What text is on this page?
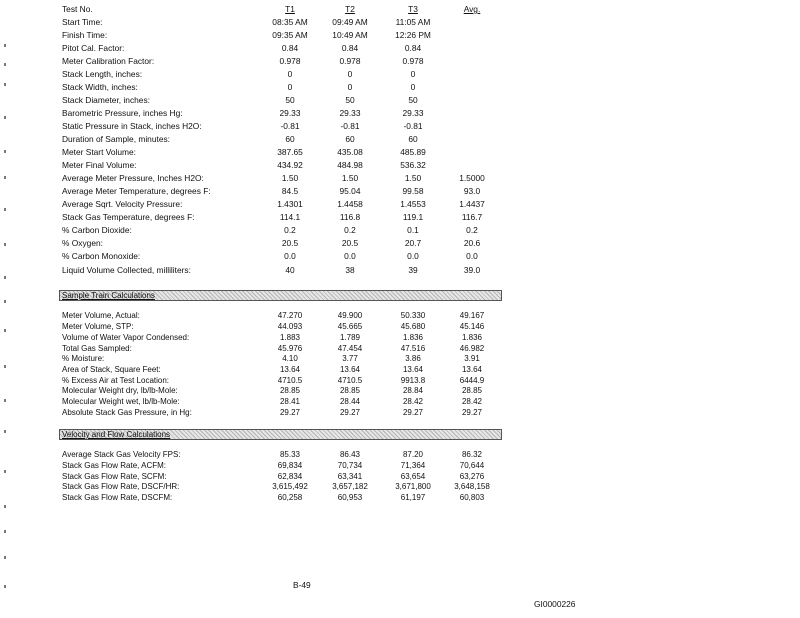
Test No.	T1	T2	T3	Avg.
Start Time:	08:35 AM	09:49 AM	11:05 AM
Finish Time:	09:35 AM	10:49 AM	12:26 PM
Pitot Cal. Factor:	0.84	0.84	0.84
Meter Calibration Factor:	0.978	0.978	0.978
Stack Length, inches:	0	0	0
Stack Width, inches:	0	0	0
Stack Diameter, inches:	50	50	50
Barometric Pressure, inches Hg:	29.33	29.33	29.33
Static Pressure in Stack, inches H2O:	-0.81	-0.81	-0.81
Duration of Sample, minutes:	60	60	60
Meter Start Volume:	387.65	435.08	485.89
Meter Final Volume:	434.92	484.98	536.32
Average Meter Pressure, Inches H2O:	1.50	1.50	1.50	1.5000
Average Meter Temperature, degrees F:	84.5	95.04	99.58	93.0
Average Sqrt. Velocity Pressure:	1.4301	1.4458	1.4553	1.4437
Stack Gas Temperature, degrees F:	114.1	116.8	119.1	116.7
% Carbon Dioxide:	0.2	0.2	0.1	0.2
% Oxygen:	20.5	20.5	20.7	20.6
% Carbon Monoxide:	0.0	0.0	0.0	0.0
Liquid Volume Collected, milliliters:	40	38	39	39.0
Sample Train Calculations
Meter Volume, Actual:	47.270	49.900	50.330	49.167
Meter Volume, STP:	44.093	45.665	45.680	45.146
Volume of Water Vapor Condensed:	1.883	1.789	1.836	1.836
Total Gas Sampled:	45.976	47.454	47.516	46.982
% Moisture:	4.10	3.77	3.86	3.91
Area of Stack, Square Feet:	13.64	13.64	13.64	13.64
% Excess Air at Test Location:	4710.5	4710.5	9913.8	6444.9
Molecular Weight dry, lb/lb-Mole:	28.85	28.85	28.84	28.85
Molecular Weight wet, lb/lb-Mole:	28.41	28.44	28.42	28.42
Absolute Stack Gas Pressure, in Hg:	29.27	29.27	29.27	29.27
Velocity and Flow Calculations
Average Stack Gas Velocity FPS:	85.33	86.43	87.20	86.32
Stack Gas Flow Rate, ACFM:	69,834	70,734	71,364	70,644
Stack Gas Flow Rate, SCFM:	62,834	63,341	63,654	63,276
Stack Gas Flow Rate, DSCF/HR:	3,615,492	3,657,182	3,671,800	3,648,158
Stack Gas Flow Rate, DSCFM:	60,258	60,953	61,197	60,803
B-49
GI0000226
